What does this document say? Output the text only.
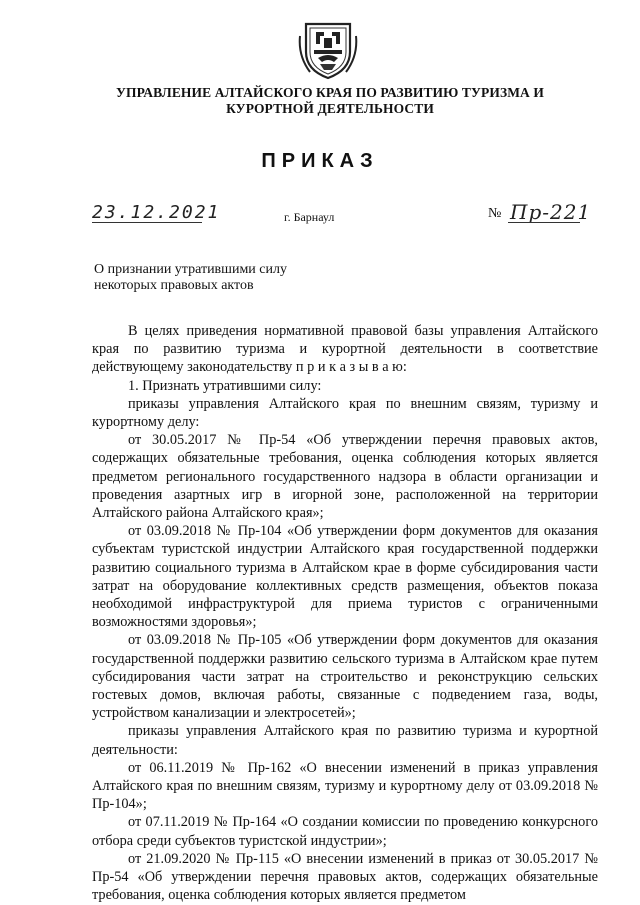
УПРАВЛЕНИЕ АЛТАЙСКОГО КРАЯ ПО РАЗВИТИЮ ТУРИЗМА И
КУРОРТНОЙ ДЕЯТЕЛЬНОСТИ
ПРИКАЗ
23.12.2021	г. Барнаул	№ Пр-221
О признании утратившими силу
некоторых правовых актов

В целях приведения нормативной правовой базы управления Алтайского края по развитию туризма и курортной деятельности в соответствие действующему законодательству п р и к а з ы в а ю:

1. Признать утратившими силу:

приказы управления Алтайского края по внешним связям, туризму и курортному делу:

от 30.05.2017 № Пр-54 «Об утверждении перечня правовых актов, содержащих обязательные требования, оценка соблюдения которых является предметом регионального государственного надзора в области организации и проведения азартных игр в игорной зоне, расположенной на территории Алтайского района Алтайского края»;

от 03.09.2018 № Пр-104 «Об утверждении форм документов для оказания субъектам туристской индустрии Алтайского края государственной поддержки развитию социального туризма в Алтайском крае в форме субсидирования части затрат на оборудование коллективных средств размещения, объектов показа необходимой инфраструктурой для приема туристов с ограниченными возможностями здоровья»;

от 03.09.2018 № Пр-105 «Об утверждении форм документов для оказания государственной поддержки развитию сельского туризма в Алтайском крае путем субсидирования части затрат на строительство и реконструкцию сельских гостевых домов, включая работы, связанные с подведением газа, воды, устройством канализации и электросетей»;

приказы управления Алтайского края по развитию туризма и курортной деятельности:

от 06.11.2019 № Пр-162 «О внесении изменений в приказ управления Алтайского края по внешним связям, туризму и курортному делу от 03.09.2018 № Пр-104»;

от 07.11.2019 № Пр-164 «О создании комиссии по проведению конкурсного отбора среди субъектов туристской индустрии»;

от 21.09.2020 № Пр-115 «О внесении изменений в приказ от 30.05.2017 № Пр-54 «Об утверждении перечня правовых актов, содержащих обязательные требования, оценка соблюдения которых является предметом
